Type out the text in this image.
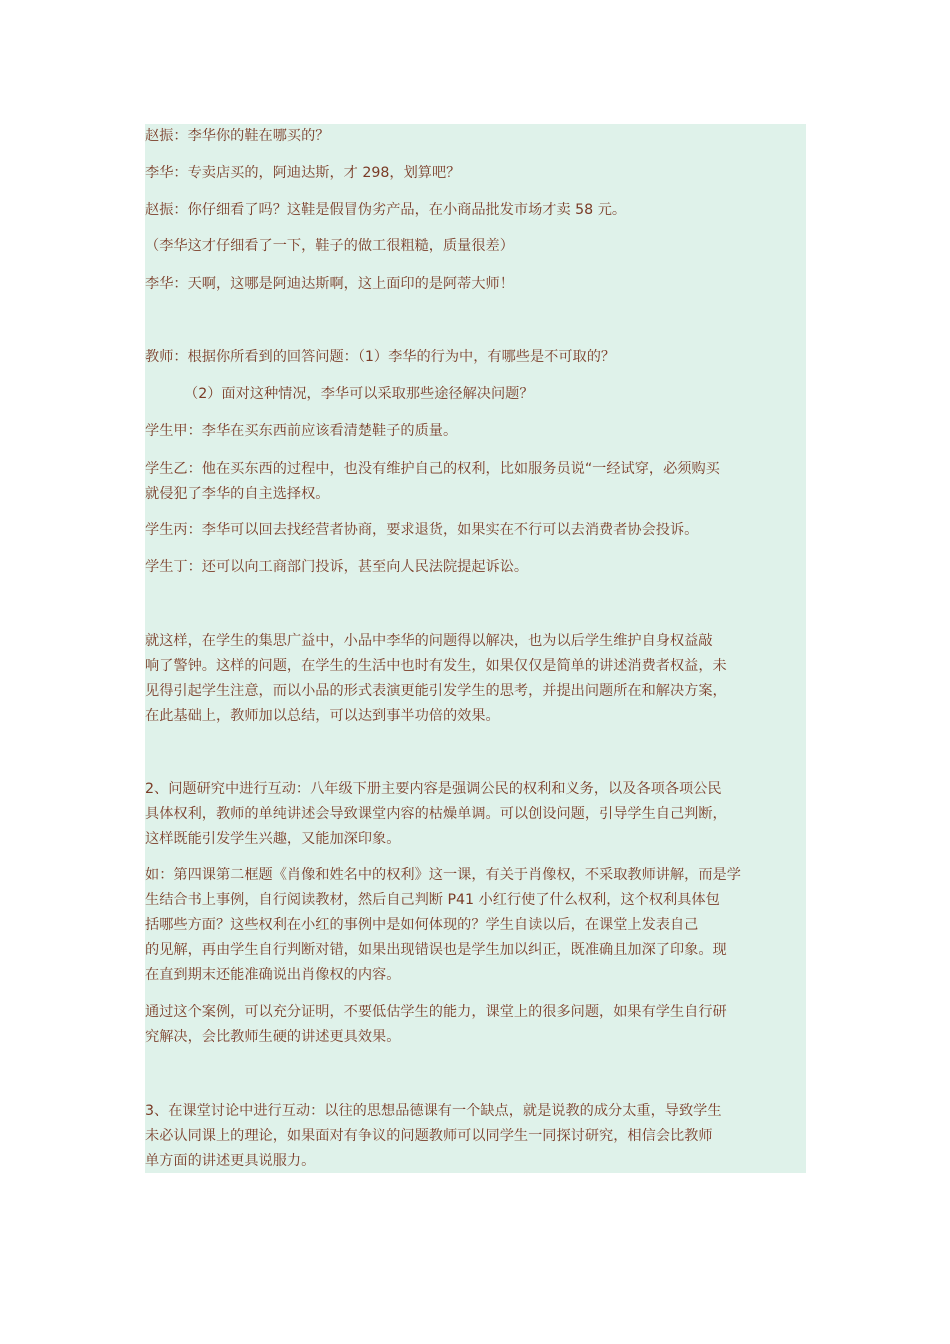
赵振：李华你的鞋在哪买的？

李华：专卖店买的，阿迪达斯，才 298，划算吧？

赵振：你仔细看了吗？这鞋是假冒伪劣产品，在小商品批发市场才卖 58 元。

（李华这才仔细看了一下，鞋子的做工很粗糙，质量很差）

李华：天啊，这哪是阿迪达斯啊，这上面印的是阿蒂大师！

教师：根据你所看到的回答问题：（1）李华的行为中，有哪些是不可取的？

（2）面对这种情况，李华可以采取那些途径解决问题？

学生甲：李华在买东西前应该看清楚鞋子的质量。

学生乙：他在买东西的过程中，也没有维护自己的权利，比如服务员说“一经试穿，必须购买

就侵犯了李华的自主选择权。

学生丙：李华可以回去找经营者协商，要求退货，如果实在不行可以去消费者协会投诉。

学生丁：还可以向工商部门投诉，甚至向人民法院提起诉讼。

就这样，在学生的集思广益中，小品中李华的问题得以解决，也为以后学生维护自身权益敲

响了警钟。这样的问题，在学生的生活中也时有发生，如果仅仅是简单的讲述消费者权益，未

见得引起学生注意，而以小品的形式表演更能引发学生的思考，并提出问题所在和解决方案，

在此基础上，教师加以总结，可以达到事半功倍的效果。

2、问题研究中进行互动：八年级下册主要内容是强调公民的权利和义务，以及各项各项公民

具体权利，教师的单纯讲述会导致课堂内容的枯燥单调。可以创设问题，引导学生自己判断，

这样既能引发学生兴趣，又能加深印象。

如：第四课第二框题《肖像和姓名中的权利》这一课，有关于肖像权，不采取教师讲解，而是学

生结合书上事例，自行阅读教材，然后自己判断 P41 小红行使了什么权利，这个权利具体包

括哪些方面？这些权利在小红的事例中是如何体现的？学生自读以后，在课堂上发表自己

的见解，再由学生自行判断对错，如果出现错误也是学生加以纠正，既准确且加深了印象。现

在直到期末还能准确说出肖像权的内容。

通过这个案例，可以充分证明，不要低估学生的能力，课堂上的很多问题，如果有学生自行研

究解决，会比教师生硬的讲述更具效果。

3、在课堂讨论中进行互动：以往的思想品德课有一个缺点，就是说教的成分太重，导致学生

未必认同课上的理论，如果面对有争议的问题教师可以同学生一同探讨研究，相信会比教师

单方面的讲述更具说服力。
